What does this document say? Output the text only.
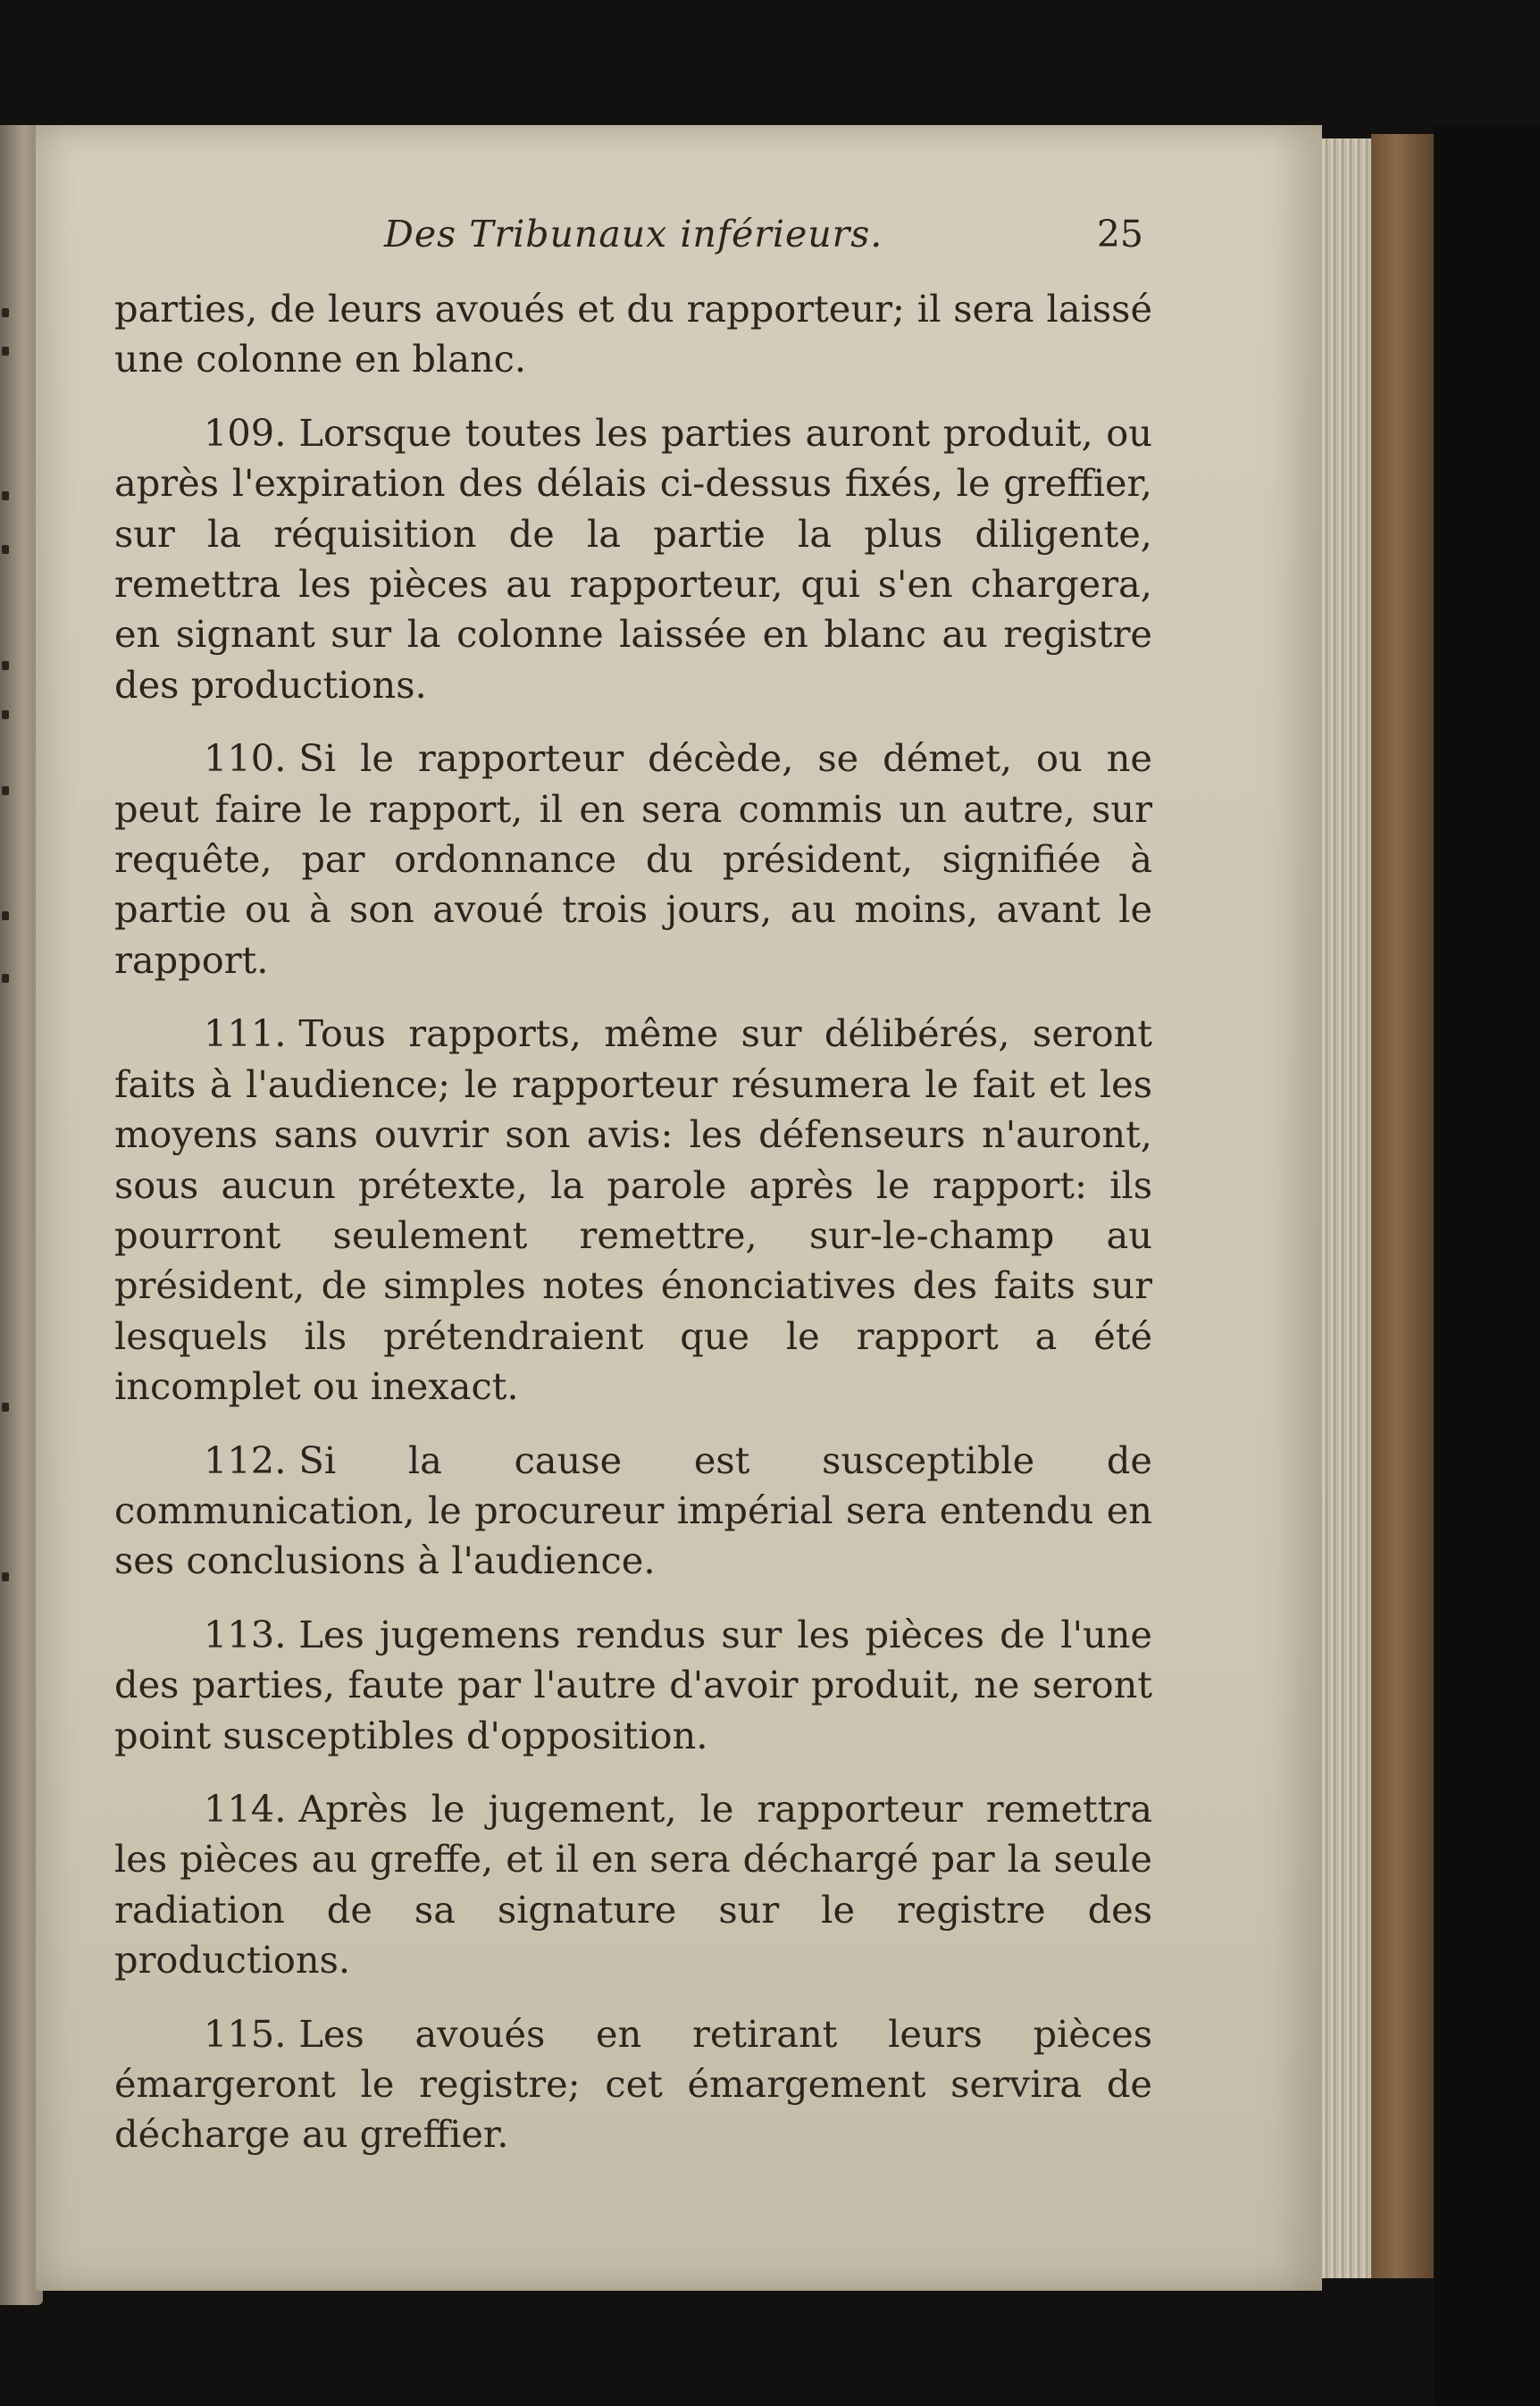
Des Tribunaux inférieurs.	25

parties, de leurs avoués et du rapporteur; il sera laissé une colonne en blanc.

109. Lorsque toutes les parties auront produit, ou après l'expiration des délais ci-dessus fixés, le greffier, sur la réquisition de la partie la plus diligente, remettra les pièces au rapporteur, qui s'en chargera, en signant sur la colonne laissée en blanc au registre des productions.

110. Si le rapporteur décède, se démet, ou ne peut faire le rapport, il en sera commis un autre, sur requête, par ordonnance du président, signifiée à partie ou à son avoué trois jours, au moins, avant le rapport.

111. Tous rapports, même sur délibérés, seront faits à l'audience; le rapporteur résumera le fait et les moyens sans ouvrir son avis: les défenseurs n'auront, sous aucun prétexte, la parole après le rapport: ils pourront seulement remettre, sur-le-champ au président, de simples notes énonciatives des faits sur lesquels ils prétendraient que le rapport a été incomplet ou inexact.

112. Si la cause est susceptible de communication, le procureur impérial sera entendu en ses conclusions à l'audience.

113. Les jugemens rendus sur les pièces de l'une des parties, faute par l'autre d'avoir produit, ne seront point susceptibles d'opposition.

114. Après le jugement, le rapporteur remettra les pièces au greffe, et il en sera déchargé par la seule radiation de sa signature sur le registre des productions.

115. Les avoués en retirant leurs pièces émargeront le registre; cet émargement servira de décharge au greffier.
